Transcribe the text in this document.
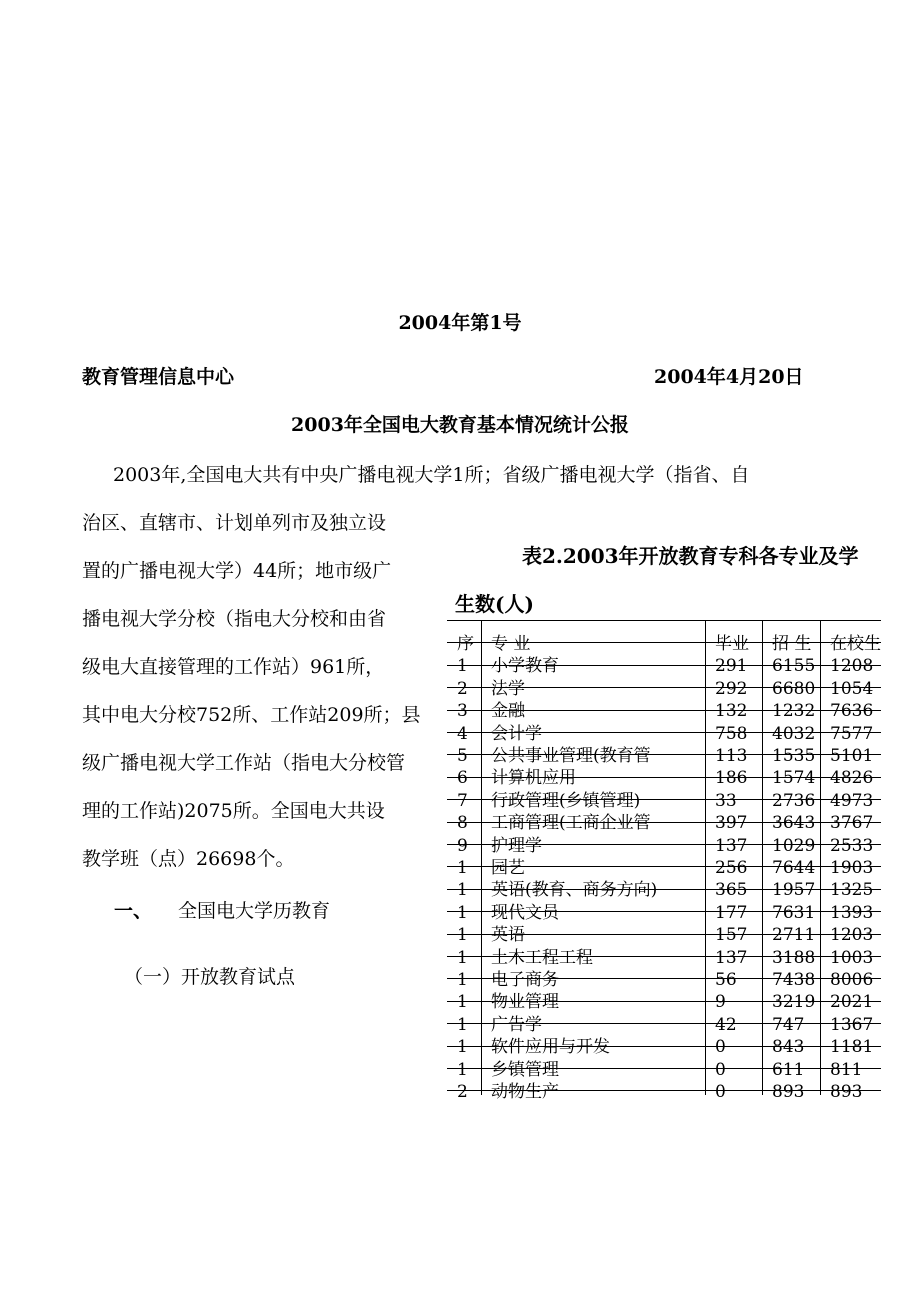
2004年第1号
教育管理信息中心	2004年4月20日
2003年全国电大教育基本情况统计公报
2003年,全国电大共有中央广播电视大学1所；省级广播电视大学（指省、自
治区、直辖市、计划单列市及独立设
置的广播电视大学）44所；地市级广
播电视大学分校（指电大分校和由省
级电大直接管理的工作站）961所，
其中电大分校752所、工作站209所；县
级广播电视大学工作站（指电大分校管
理的工作站)2075所。全国电大共设
教学班（点）26698个。
一、 全国电大学历教育
（一）开放教育试点
表2.2003年开放教育专科各专业及学
生数(人)
序 专 业	毕业 招 生 在校生
1 小学教育	291 6155 1208
2 法学	292 6680 1054
3 金融	132 1232 7636
4 会计学	758 4032 7577
5 公共事业管理(教育管	113 1535 5101
6 计算机应用	186 1574 4826
7 行政管理(乡镇管理)	33 2736 4973
8 工商管理(工商企业管	397 3643 3767
9 护理学	137 1029 2533
1 园艺	256 7644 1903
1 英语(教育、商务方向)	365 1957 1325
1 现代文员	177 7631 1393
1 英语	157 2711 1203
1 土木工程工程	137 3188 1003
1 电子商务	56 7438 8006
1 物业管理	9	3219 2021
1 广告学	42 747 1367
1 软件应用与开发	0	843 1181
1 乡镇管理	0	611 811
2 动物生产	0	893 893
